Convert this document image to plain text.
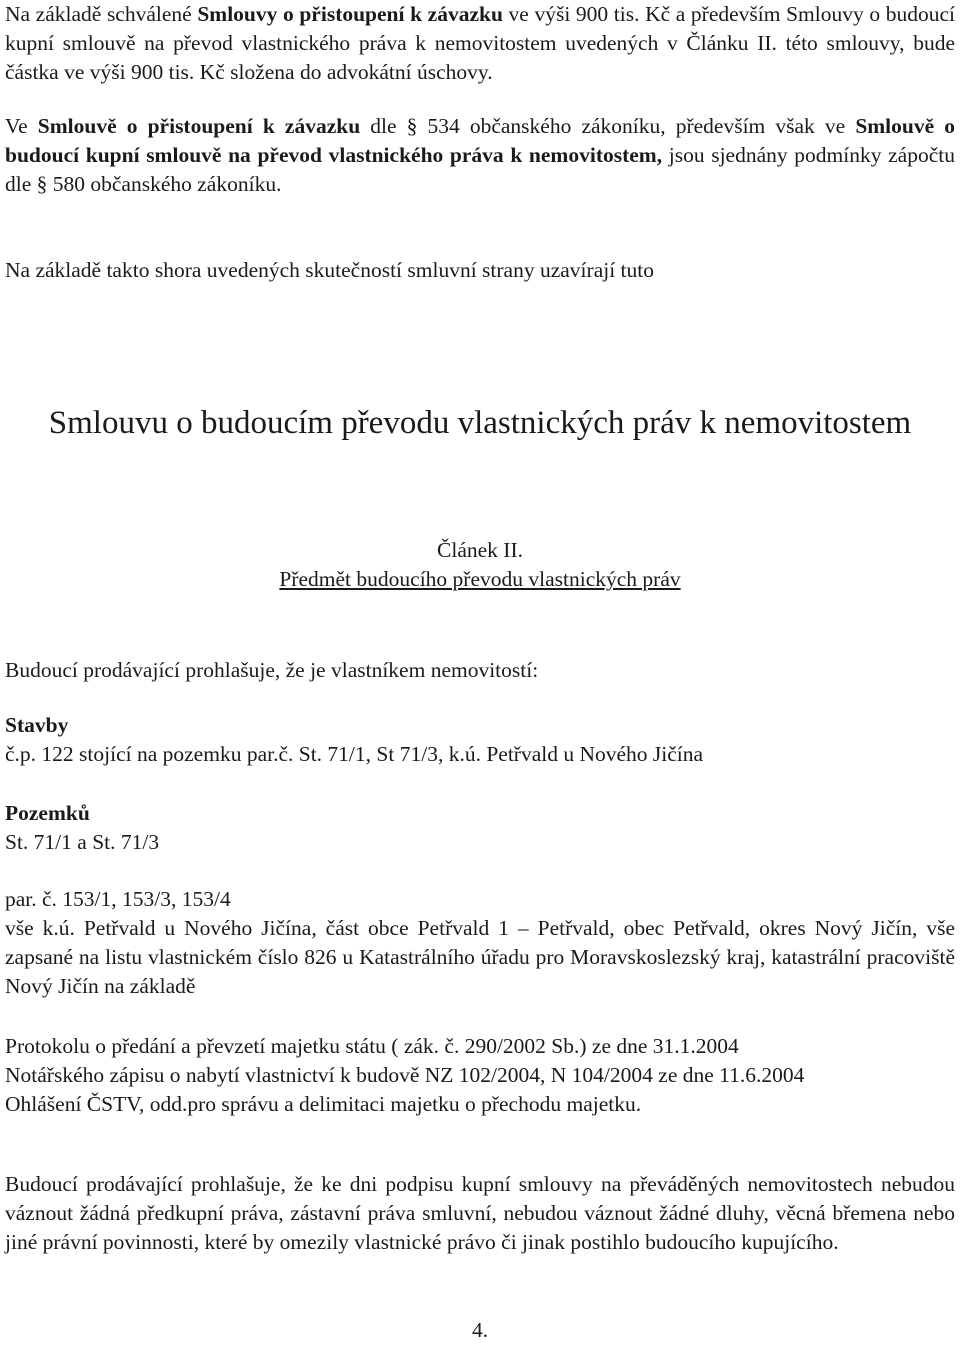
Na základě schválené Smlouvy o přistoupení k závazku ve výši 900 tis. Kč a především Smlouvy o budoucí kupní smlouvě na převod vlastnického práva k nemovitostem uvedených v Článku II. této smlouvy, bude částka ve výši 900 tis. Kč složena do advokátní úschovy.

Ve Smlouvě o přistoupení k závazku dle § 534 občanského zákoníku, především však ve Smlouvě o budoucí kupní smlouvě na převod vlastnického práva k nemovitostem, jsou sjednány podmínky zápočtu dle § 580 občanského zákoníku.

Na základě takto shora uvedených skutečností smluvní strany uzavírají tuto

Smlouvu o budoucím převodu vlastnických práv k nemovitostem

Článek II.

Předmět budoucího převodu vlastnických práv

Budoucí prodávající prohlašuje, že je vlastníkem nemovitostí:

Stavby

č.p. 122 stojící na pozemku par.č. St. 71/1, St 71/3, k.ú. Petřvald u Nového Jičína

Pozemků

St. 71/1 a St. 71/3

par. č. 153/1, 153/3, 153/4

vše k.ú. Petřvald u Nového Jičína, část obce Petřvald 1 – Petřvald, obec Petřvald, okres Nový Jičín, vše zapsané na listu vlastnickém číslo 826 u Katastrálního úřadu pro Moravskoslezský kraj, katastrální pracoviště Nový Jičín na základě

Protokolu o předání a převzetí majetku státu ( zák. č. 290/2002 Sb.) ze dne 31.1.2004

Notářského zápisu o nabytí vlastnictví k budově NZ 102/2004, N 104/2004 ze dne 11.6.2004

Ohlášení ČSTV, odd.pro správu a delimitaci majetku o přechodu majetku.

Budoucí prodávající prohlašuje, že ke dni podpisu kupní smlouvy na převáděných nemovitostech nebudou váznout žádná předkupní práva, zástavní práva smluvní, nebudou váznout žádné dluhy, věcná břemena nebo jiné právní povinnosti, které by omezily vlastnické právo či jinak postihlo budoucího kupujícího.

4.
